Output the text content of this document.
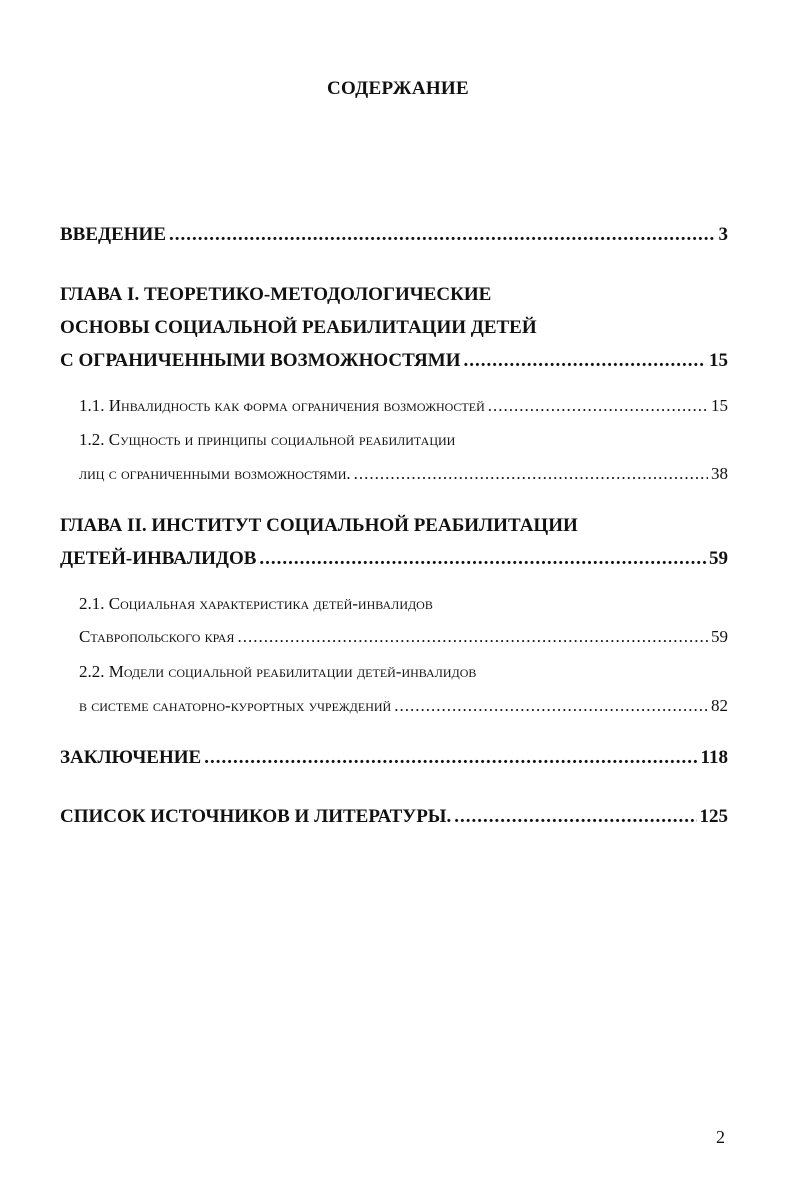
СОДЕРЖАНИЕ
ВВЕДЕНИЕ .....	3
ГЛАВА I. ТЕОРЕТИКО-МЕТОДОЛОГИЧЕСКИЕ
ОСНОВЫ СОЦИАЛЬНОЙ РЕАБИЛИТАЦИИ ДЕТЕЙ
С ОГРАНИЧЕННЫМИ ВОЗМОЖНОСТЯМИ .....	15
1.1. Инвалидность как форма ограничения возможностей .....	15
1.2. Сущность и принципы социальной реабилитации
лиц с ограниченными возможностями. .....	38
ГЛАВА II. ИНСТИТУТ СОЦИАЛЬНОЙ РЕАБИЛИТАЦИИ
ДЕТЕЙ-ИНВАЛИДОВ .....	59
2.1. Социальная характеристика детей-инвалидов
Ставропольского края .....	59
2.2. Модели социальной реабилитации детей-инвалидов
в системе санаторно-курортных учреждений .....	82
ЗАКЛЮЧЕНИЕ .....	118
СПИСОК ИСТОЧНИКОВ И ЛИТЕРАТУРЫ. .....	125
2
